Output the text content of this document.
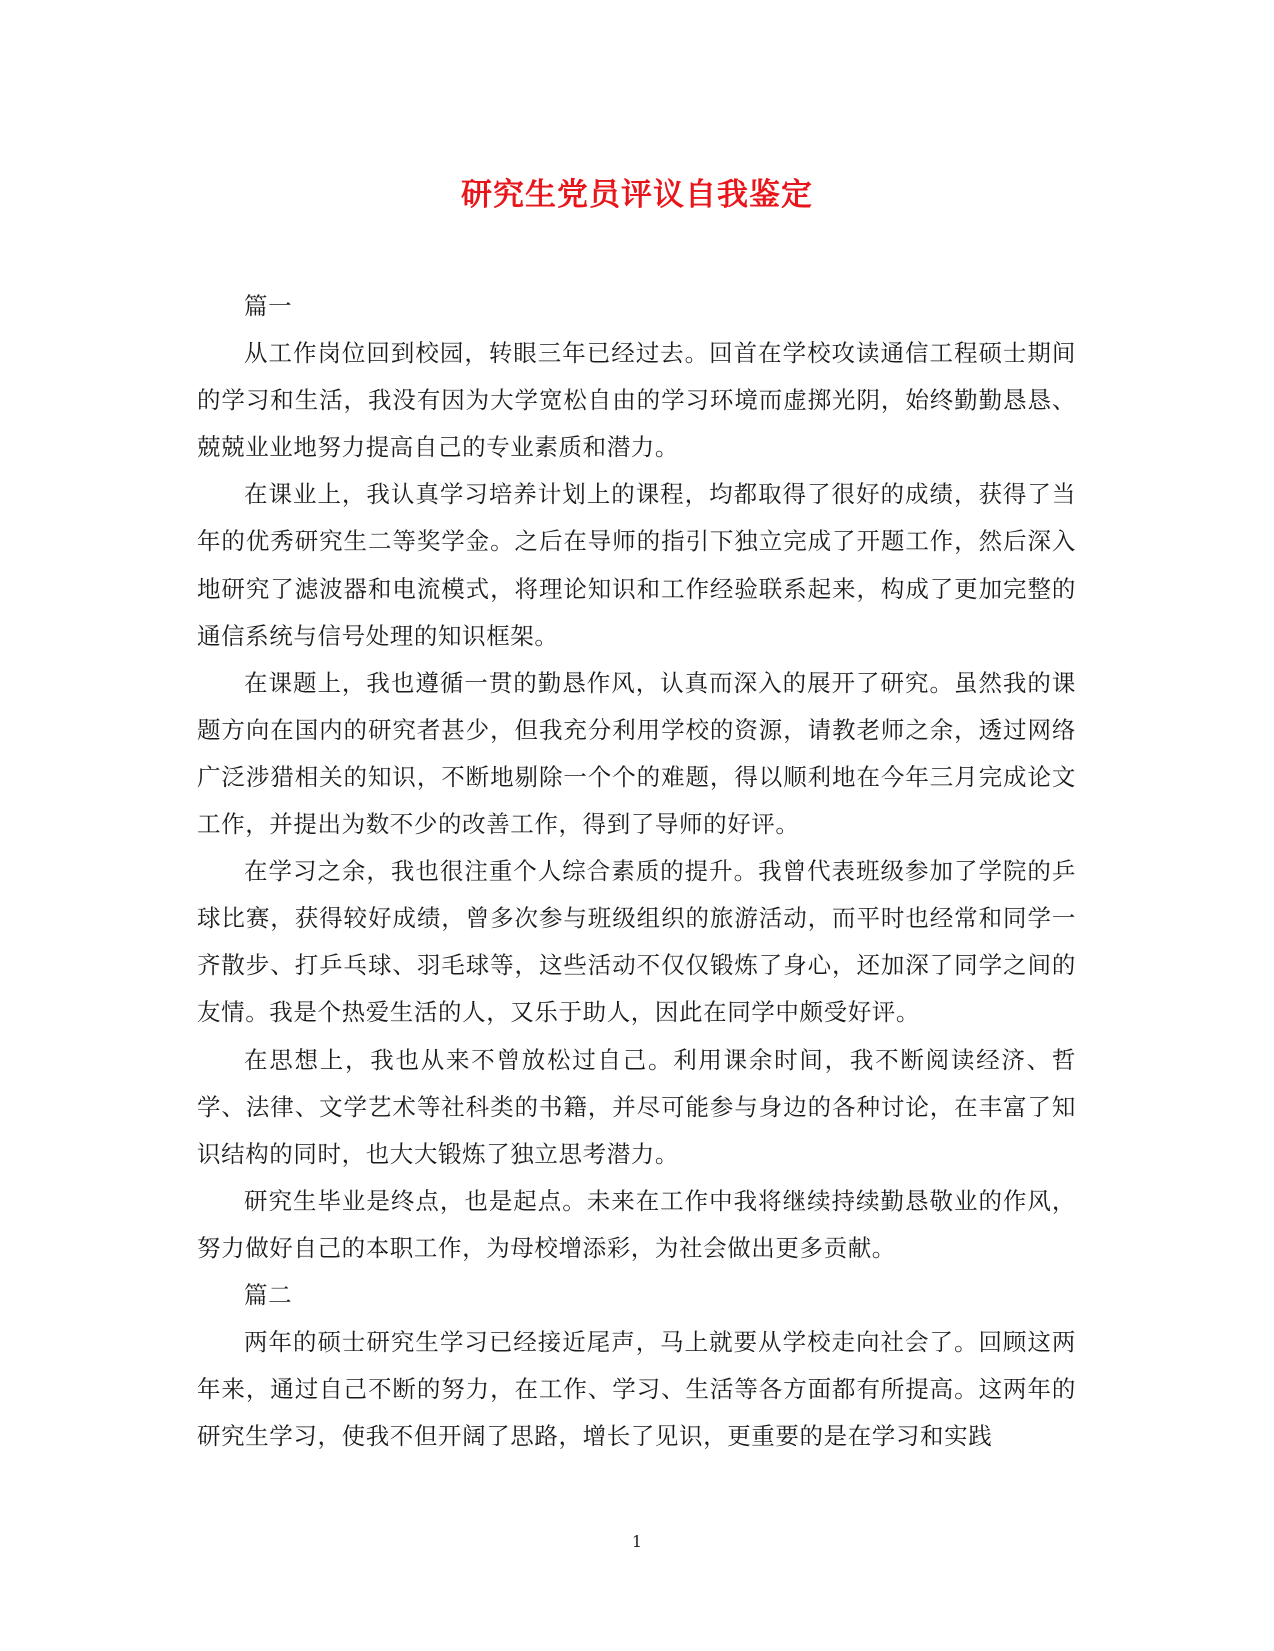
研究生党员评议自我鉴定

篇一

从工作岗位回到校园，转眼三年已经过去。回首在学校攻读通信工程硕士期间的学习和生活，我没有因为大学宽松自由的学习环境而虚掷光阴，始终勤勤恳恳、兢兢业业地努力提高自己的专业素质和潜力。

在课业上，我认真学习培养计划上的课程，均都取得了很好的成绩，获得了当年的优秀研究生二等奖学金。之后在导师的指引下独立完成了开题工作，然后深入地研究了滤波器和电流模式，将理论知识和工作经验联系起来，构成了更加完整的通信系统与信号处理的知识框架。

在课题上，我也遵循一贯的勤恳作风，认真而深入的展开了研究。虽然我的课题方向在国内的研究者甚少，但我充分利用学校的资源，请教老师之余，透过网络广泛涉猎相关的知识，不断地剔除一个个的难题，得以顺利地在今年三月完成论文工作，并提出为数不少的改善工作，得到了导师的好评。

在学习之余，我也很注重个人综合素质的提升。我曾代表班级参加了学院的乒球比赛，获得较好成绩，曾多次参与班级组织的旅游活动，而平时也经常和同学一齐散步、打乒乓球、羽毛球等，这些活动不仅仅锻炼了身心，还加深了同学之间的友情。我是个热爱生活的人，又乐于助人，因此在同学中颇受好评。

在思想上，我也从来不曾放松过自己。利用课余时间，我不断阅读经济、哲学、法律、文学艺术等社科类的书籍，并尽可能参与身边的各种讨论，在丰富了知识结构的同时，也大大锻炼了独立思考潜力。

研究生毕业是终点，也是起点。未来在工作中我将继续持续勤恳敬业的作风，努力做好自己的本职工作，为母校增添彩，为社会做出更多贡献。

篇二

两年的硕士研究生学习已经接近尾声，马上就要从学校走向社会了。回顾这两年来，通过自己不断的努力，在工作、学习、生活等各方面都有所提高。这两年的研究生学习，使我不但开阔了思路，增长了见识，更重要的是在学习和实践

1
